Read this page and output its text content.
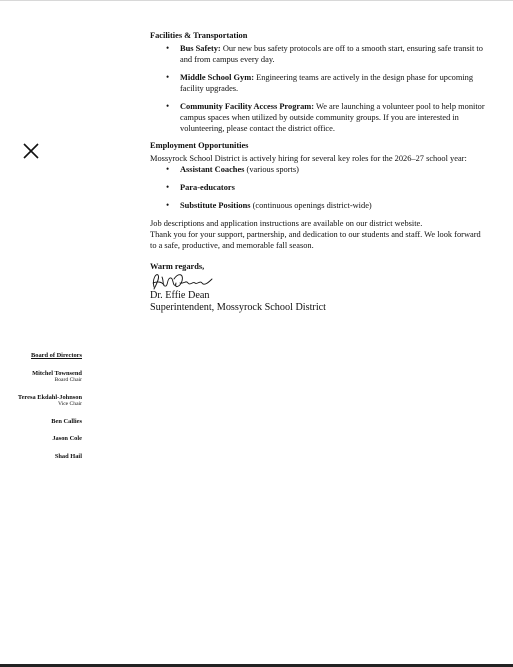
Facilities & Transportation
• Bus Safety: Our new bus safety protocols are off to a smooth start, ensuring safe transit to and from campus every day.
• Middle School Gym: Engineering teams are actively in the design phase for upcoming facility upgrades.
• Community Facility Access Program: We are launching a volunteer pool to help monitor campus spaces when utilized by outside community groups. If you are interested in volunteering, please contact the district office.
Employment Opportunities
Mossyrock School District is actively hiring for several key roles for the 2026–27 school year:
• Assistant Coaches (various sports)
• Para-educators
• Substitute Positions (continuous openings district-wide)
Job descriptions and application instructions are available on our district website.
Thank you for your support, partnership, and dedication to our students and staff. We look forward to a safe, productive, and memorable fall season.
Warm regards,
Dr. Effie Dean
Superintendent, Mossyrock School District
Board of Directors
Mitchel Townsend
Board Chair
Teresa Ekdahl-Johnson
Vice Chair
Ben Callies
Jason Cole
Shad Hail
